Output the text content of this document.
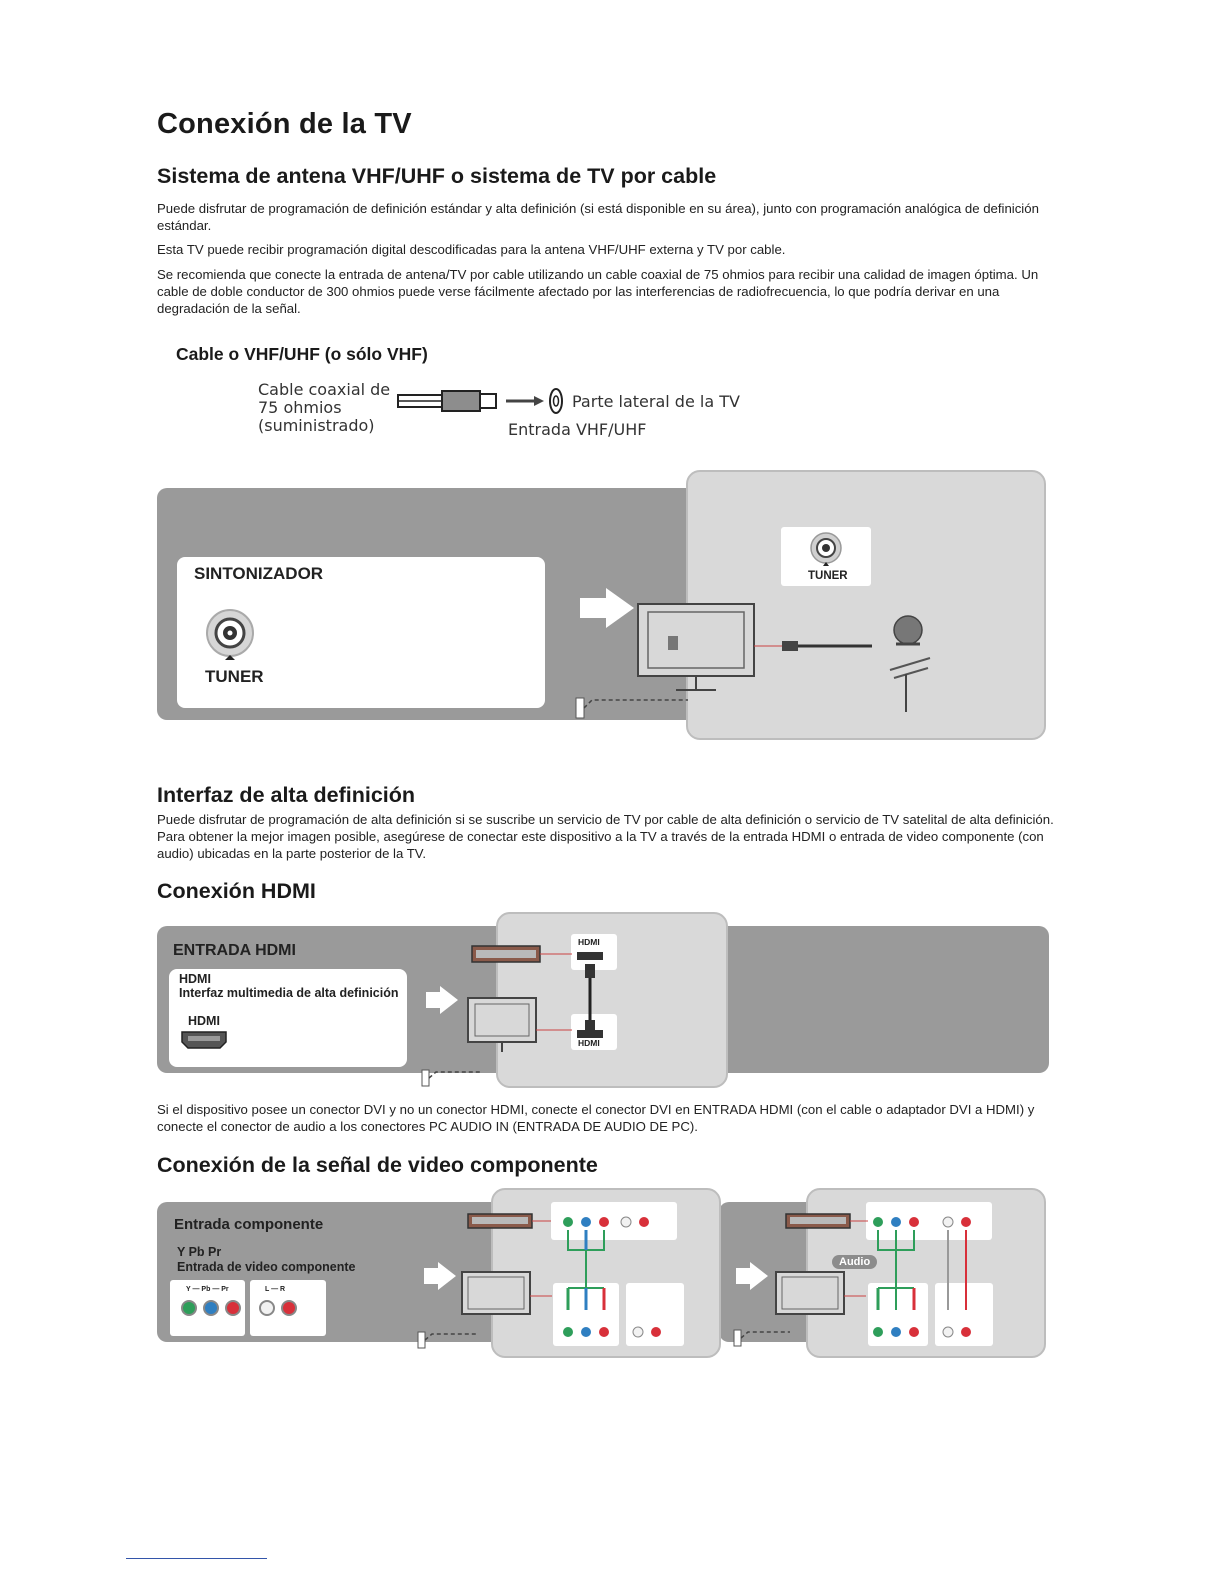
Conexión de la TV
Sistema de antena VHF/UHF o sistema de TV por cable

Puede disfrutar de programación de definición estándar y alta definición (si está disponible en su área), junto con programación analógica de definición estándar.

Esta TV puede recibir programación digital descodificadas para la antena VHF/UHF externa y TV por cable.

Se recomienda que conecte la entrada de antena/TV por cable utilizando un cable coaxial de 75 ohmios para recibir una calidad de imagen óptima. Un cable de doble conductor de 300 ohmios puede verse fácilmente afectado por las interferencias de radiofrecuencia, lo que podría derivar en una degradación de la señal.

Cable o VHF/UHF (o sólo VHF)
Cable coaxial de
75 ohmios
(suministrado)
Parte lateral de la TV
Entrada VHF/UHF
SINTONIZADOR
TUNER
TUNER
Interfaz de alta definición

Puede disfrutar de programación de alta definición si se suscribe un servicio de TV por cable de alta definición o servicio de TV satelital de alta definición. Para obtener la mejor imagen posible, asegúrese de conectar este dispositivo a la TV a través de la entrada HDMI o entrada de video componente (con audio) ubicadas en la parte posterior de la TV.

Conexión HDMI
ENTRADA HDMI
HDMI
Interfaz multimedia de alta definición
HDMI
HDMI
HDMI

Si el dispositivo posee un conector DVI y no un conector HDMI, conecte el conector DVI en ENTRADA HDMI (con el cable o adaptador DVI a HDMI) y conecte el conector de audio a los conectores PC AUDIO IN (ENTRADA DE AUDIO DE PC).

Conexión de la señal de video componente
Entrada componente
Y Pb Pr
Entrada de video componente
Y — Pb — Pr	L — R
Audio
